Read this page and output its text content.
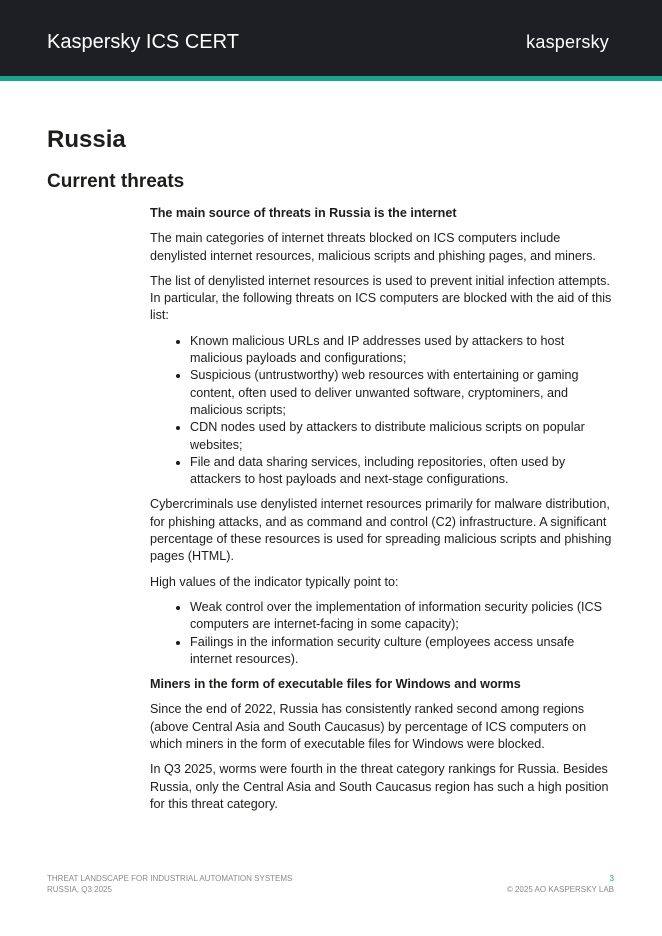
Kaspersky ICS CERT	kaspersky
Russia
Current threats

The main source of threats in Russia is the internet

The main categories of internet threats blocked on ICS computers include denylisted internet resources, malicious scripts and phishing pages, and miners.

The list of denylisted internet resources is used to prevent initial infection attempts. In particular, the following threats on ICS computers are blocked with the aid of this list:

• Known malicious URLs and IP addresses used by attackers to host malicious payloads and configurations;
• Suspicious (untrustworthy) web resources with entertaining or gaming content, often used to deliver unwanted software, cryptominers, and malicious scripts;
• CDN nodes used by attackers to distribute malicious scripts on popular websites;
• File and data sharing services, including repositories, often used by attackers to host payloads and next-stage configurations.

Cybercriminals use denylisted internet resources primarily for malware distribution, for phishing attacks, and as command and control (C2) infrastructure. A significant percentage of these resources is used for spreading malicious scripts and phishing pages (HTML).

High values of the indicator typically point to:

• Weak control over the implementation of information security policies (ICS computers are internet-facing in some capacity);
• Failings in the information security culture (employees access unsafe internet resources).

Miners in the form of executable files for Windows and worms

Since the end of 2022, Russia has consistently ranked second among regions (above Central Asia and South Caucasus) by percentage of ICS computers on which miners in the form of executable files for Windows were blocked.

In Q3 2025, worms were fourth in the threat category rankings for Russia. Besides Russia, only the Central Asia and South Caucasus region has such a high position for this threat category.

THREAT LANDSCAPE FOR INDUSTRIAL AUTOMATION SYSTEMS
RUSSIA, Q3 2025
3
© 2025 AO KASPERSKY LAB
